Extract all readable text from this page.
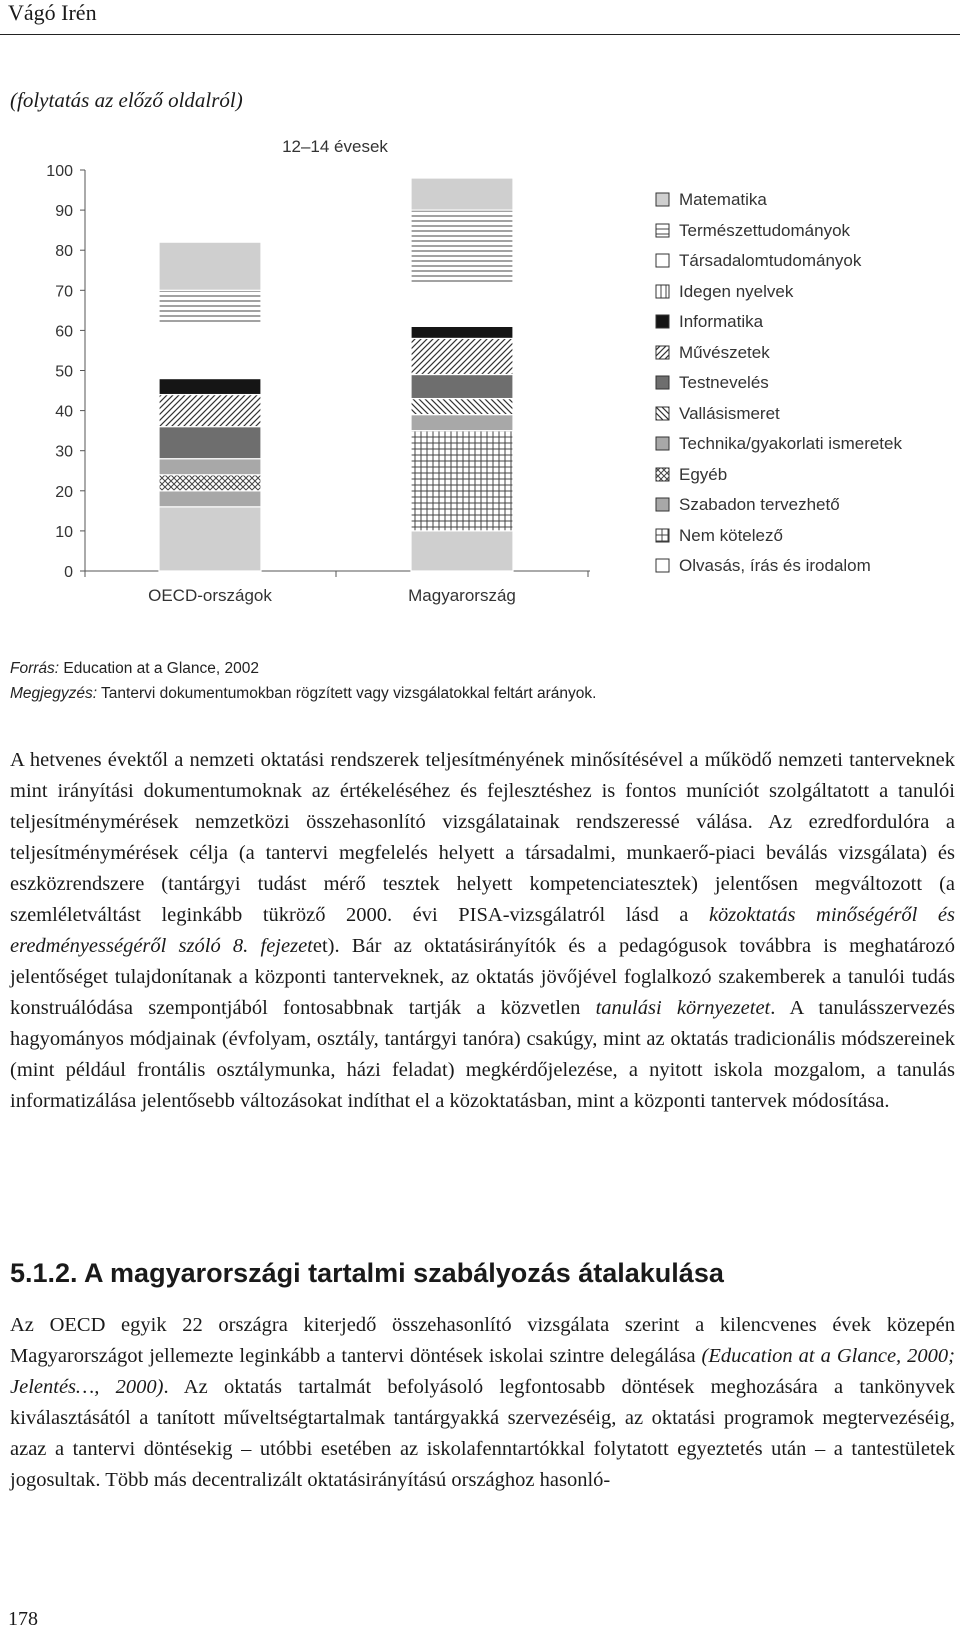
Vágó Irén
(folytatás az előző oldalról)
12–14 évesek
100
90
80
70
60
50
40
30
20
10
0
OECD-országok	Magyarország
Matematika
Természettudományok
Társadalomtudományok
Idegen nyelvek
Informatika
Művészetek
Testnevelés
Vallásismeret
Technika/gyakorlati ismeretek
Egyéb
Szabadon tervezhető
Nem kötelező
Olvasás, írás és irodalom
Forrás: Education at a Glance, 2002
Megjegyzés: Tantervi dokumentumokban rögzített vagy vizsgálatokkal feltárt arányok.

A hetvenes évektől a nemzeti oktatási rendszerek teljesítményének minősítésével a működő nemzeti tanterveknek mint irányítási dokumentumoknak az értékeléséhez és fejlesztéshez is fontos muníciót szolgáltatott a tanulói teljesítménymérések nemzetközi összehasonlító vizsgálatainak rendszeressé válása. Az ezredfordulóra a teljesítménymérések célja (a tantervi megfelelés helyett a társadalmi, munkaerő-piaci beválás vizsgálata) és eszközrendszere (tantárgyi tudást mérő tesztek helyett kompetenciatesztek) jelentősen megváltozott (a szemléletváltást leginkább tükröző 2000. évi PISA-vizsgálatról lásd a közoktatás minőségéről és eredményességéről szóló 8. fejezetet). Bár az oktatásirányítók és a pedagógusok továbbra is meghatározó jelentőséget tulajdonítanak a központi tanterveknek, az oktatás jövőjével foglalkozó szakemberek a tanulói tudás konstruálódása szempontjából fontosabbnak tartják a közvetlen tanulási környezetet. A tanulásszervezés hagyományos módjainak (évfolyam, osztály, tantárgyi tanóra) csakúgy, mint az oktatás tradicionális módszereinek (mint például frontális osztálymunka, házi feladat) megkérdőjelezése, a nyitott iskola mozgalom, a tanulás informatizálása jelentősebb változásokat indíthat el a közoktatásban, mint a központi tantervek módosítása.

5.1.2. A magyarországi tartalmi szabályozás átalakulása

Az OECD egyik 22 országra kiterjedő összehasonlító vizsgálata szerint a kilencvenes évek közepén Magyarországot jellemezte leginkább a tantervi döntések iskolai szintre delegálása (Education at a Glance, 2000; Jelentés…, 2000). Az oktatás tartalmát befolyásoló legfontosabb döntések meghozására a tankönyvek kiválasztásától a tanított műveltségtartalmak tantárgyakká szervezéséig, az oktatási programok megtervezéséig, azaz a tantervi döntésekig – utóbbi esetében az iskolafenntartókkal folytatott egyeztetés után – a tantestületek jogosultak. Több más decentralizált oktatásirányítású országhoz hasonló-

178
